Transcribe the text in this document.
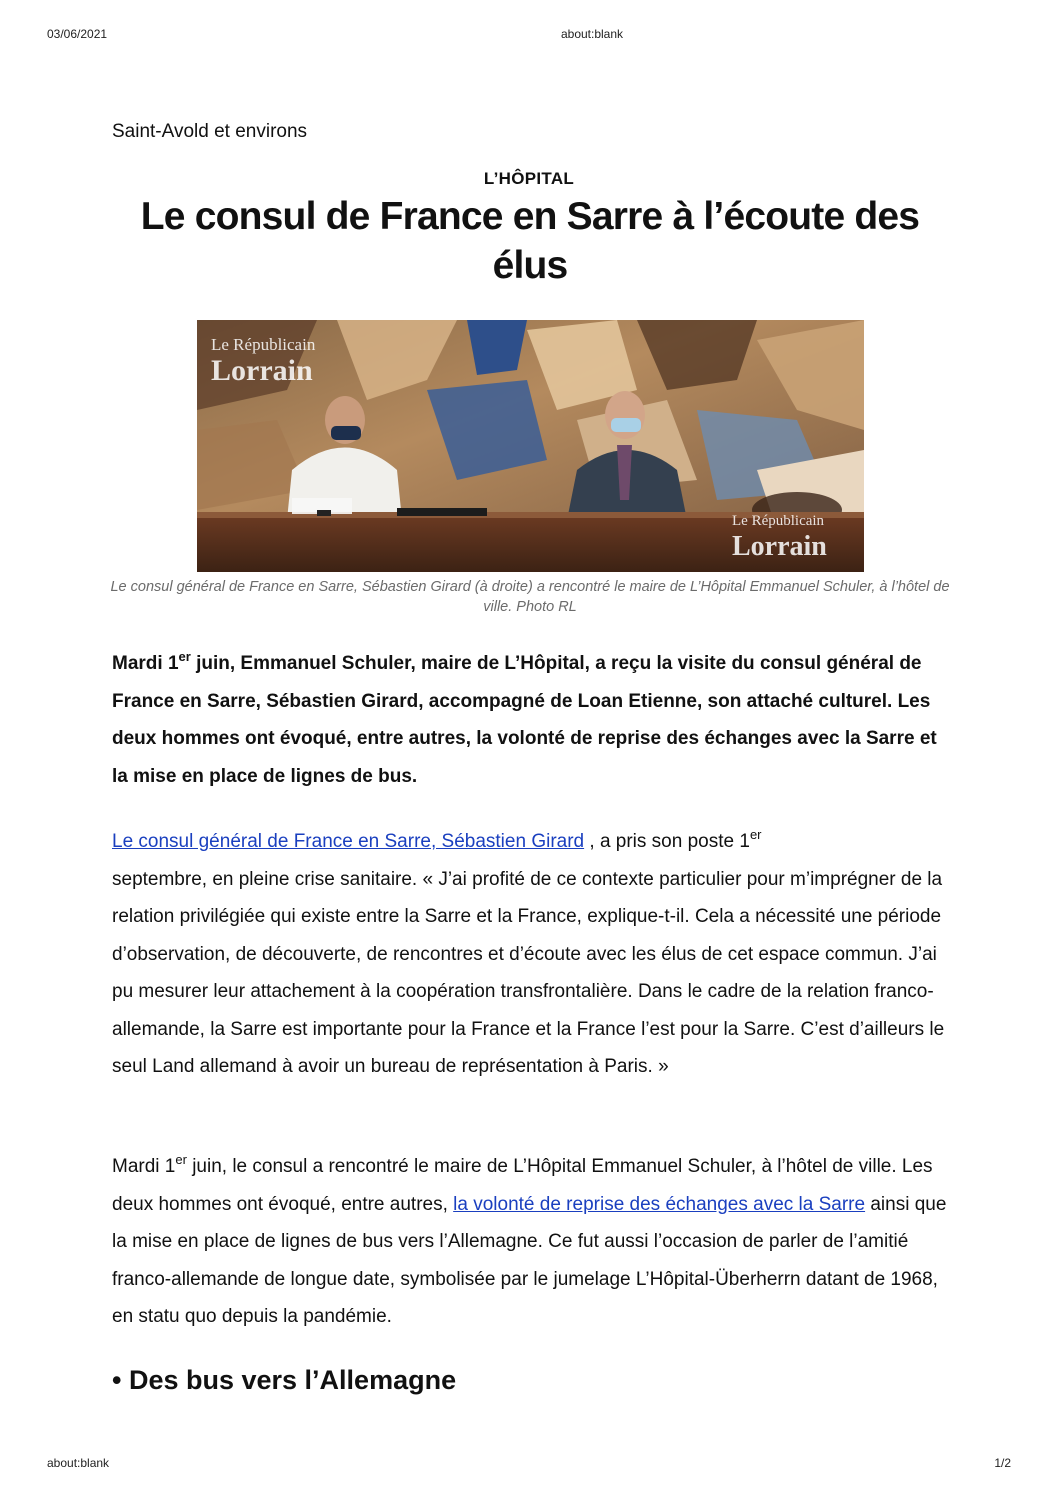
03/06/2021	about:blank
Saint-Avold et environs
L’HÔPITAL
Le consul de France en Sarre à l’écoute des élus
Le Républicain
Lorrain
Le Républicain
Lorrain

Le consul général de France en Sarre, Sébastien Girard (à droite) a rencontré le maire de L’Hôpital Emmanuel Schuler, à l’hôtel de ville. Photo RL

Mardi 1er juin, Emmanuel Schuler, maire de L’Hôpital, a reçu la visite du consul général de France en Sarre, Sébastien Girard, accompagné de Loan Etienne, son attaché culturel. Les deux hommes ont évoqué, entre autres, la volonté de reprise des échanges avec la Sarre et la mise en place de lignes de bus.

Le consul général de France en Sarre, Sébastien Girard , a pris son poste 1er
septembre, en pleine crise sanitaire. « J’ai profité de ce contexte particulier pour m’imprégner de la relation privilégiée qui existe entre la Sarre et la France, explique-t-il. Cela a nécessité une période d’observation, de découverte, de rencontres et d’écoute avec les élus de cet espace commun. J’ai pu mesurer leur attachement à la coopération transfrontalière. Dans le cadre de la relation franco-allemande, la Sarre est importante pour la France et la France l’est pour la Sarre. C’est d’ailleurs le seul Land allemand à avoir un bureau de représentation à Paris. »

Mardi 1er juin, le consul a rencontré le maire de L’Hôpital Emmanuel Schuler, à l’hôtel de ville. Les deux hommes ont évoqué, entre autres, la volonté de reprise des échanges avec la Sarre ainsi que la mise en place de lignes de bus vers l’Allemagne. Ce fut aussi l’occasion de parler de l’amitié franco-allemande de longue date, symbolisée par le jumelage L’Hôpital-Überherrn datant de 1968, en statu quo depuis la pandémie.

• Des bus vers l’Allemagne
about:blank	1/2
